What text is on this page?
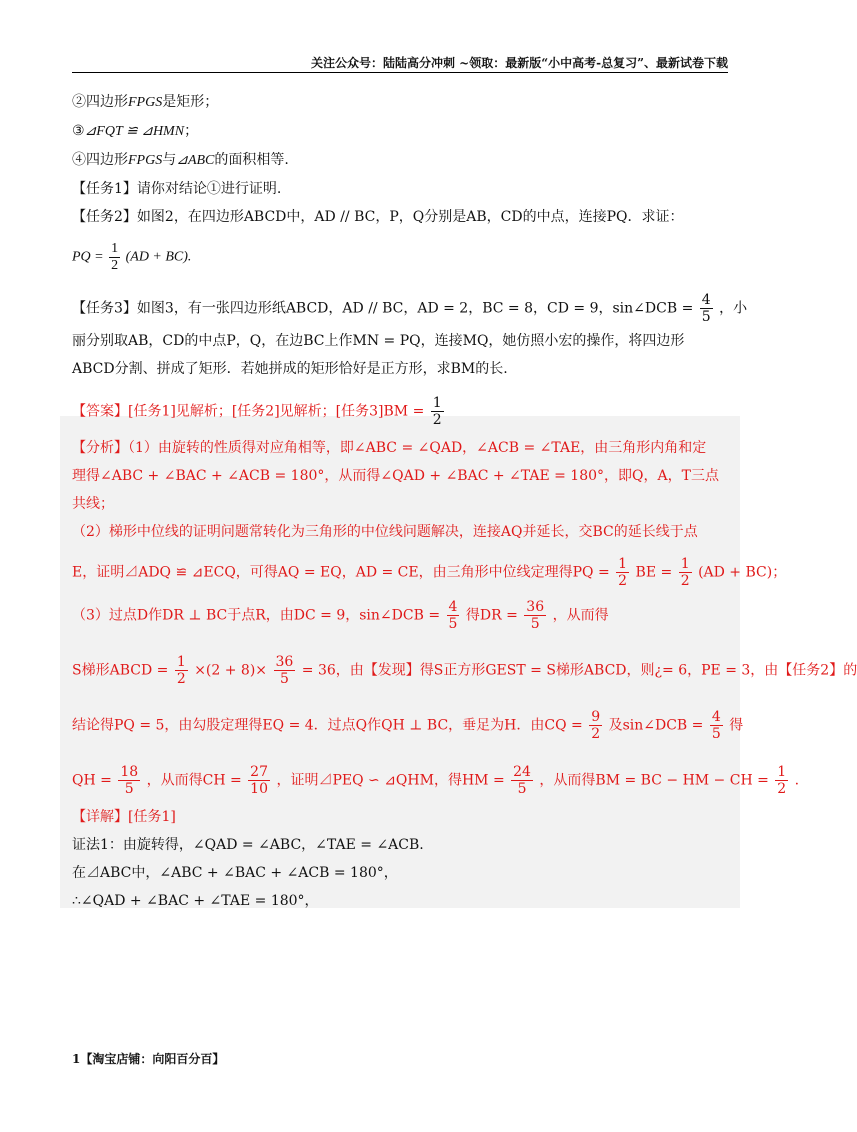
关注公众号：陆陆高分冲刺 ~领取：最新版“小中高考-总复习”、最新试卷下载
②四边形FPGS是矩形；
③⊿FQT ≌ ⊿HMN；
④四边形FPGS与⊿ABC的面积相等.
【任务1】请你对结论①进行证明.
【任务2】如图2，在四边形ABCD中，AD // BC，P，Q分别是AB，CD的中点，连接PQ．求证：
PQ = $\frac{1}{2} (AD + BC)$.
【任务3】如图3，有一张四边形纸ABCD，AD // BC，AD = 2，BC = 8，CD = 9，sin∠DCB = $\frac{4}{5}$ ，小
丽分别取AB，CD的中点P，Q，在边BC上作MN = PQ，连接MQ，她仿照小宏的操作，将四边形
ABCD分割、拼成了矩形．若她拼成的矩形恰好是正方形，求BM的长.
【答案】[任务1]见解析；[任务2]见解析；[任务$3]BM = \frac{1}{2}$
【分析】（1）由旋转的性质得对应角相等，即∠ABC = ∠QAD，∠ACB = ∠TAE，由三角形内角和定
理得∠ABC + ∠BAC + ∠ACB = 180°，从而得∠QAD + ∠BAC + ∠TAE = 180°，即Q，A，T三点
共线；
（2）梯形中位线的证明问题常转化为三角形的中位线问题解决，连接AQ并延长，交BC的延长线于点
E，证明⊿ADQ ≌ ⊿ECQ，可得AQ = EQ，AD = CE，由三角形中位线定理得PQ = $\frac{1}{2}$ BE = $\frac{1}{2} (AD + BC)$；
（3）过点D作DR ⊥ BC于点R，由DC = 9，sin∠DCB = $\frac{4}{5}$ 得DR = $\frac{36}{5}$ ，从而得
S梯形ABCD = $\frac{1}{2} \times(2 + 8)\times \frac{36}{5} = 36$，由【发现】得S正方形GEST = S梯形ABCD，则¿= 6，PE = 3，由【任务2】的
结论得PQ = 5，由勾股定理得EQ = 4．过点Q作QH ⊥ BC，垂足为H．由CQ = $\frac{9}{2}$ 及sin∠DCB = $\frac{4}{5}$ 得
QH = $\frac{18}{5}$ ，从而得CH = $\frac{27}{10}$ ，证明⊿PEQ ∽ ⊿QHM，得HM = $\frac{24}{5}$ ，从而得BM = BC − HM − CH = $\frac{1}{2}$ .
【详解】[任务1]
证法1：由旋转得，∠QAD = ∠ABC，∠TAE = ∠ACB.
在⊿ABC中，∠ABC + ∠BAC + ∠ACB = 180°，
∴∠QAD + ∠BAC + ∠TAE = 180°，
1【淘宝店铺：向阳百分百】
